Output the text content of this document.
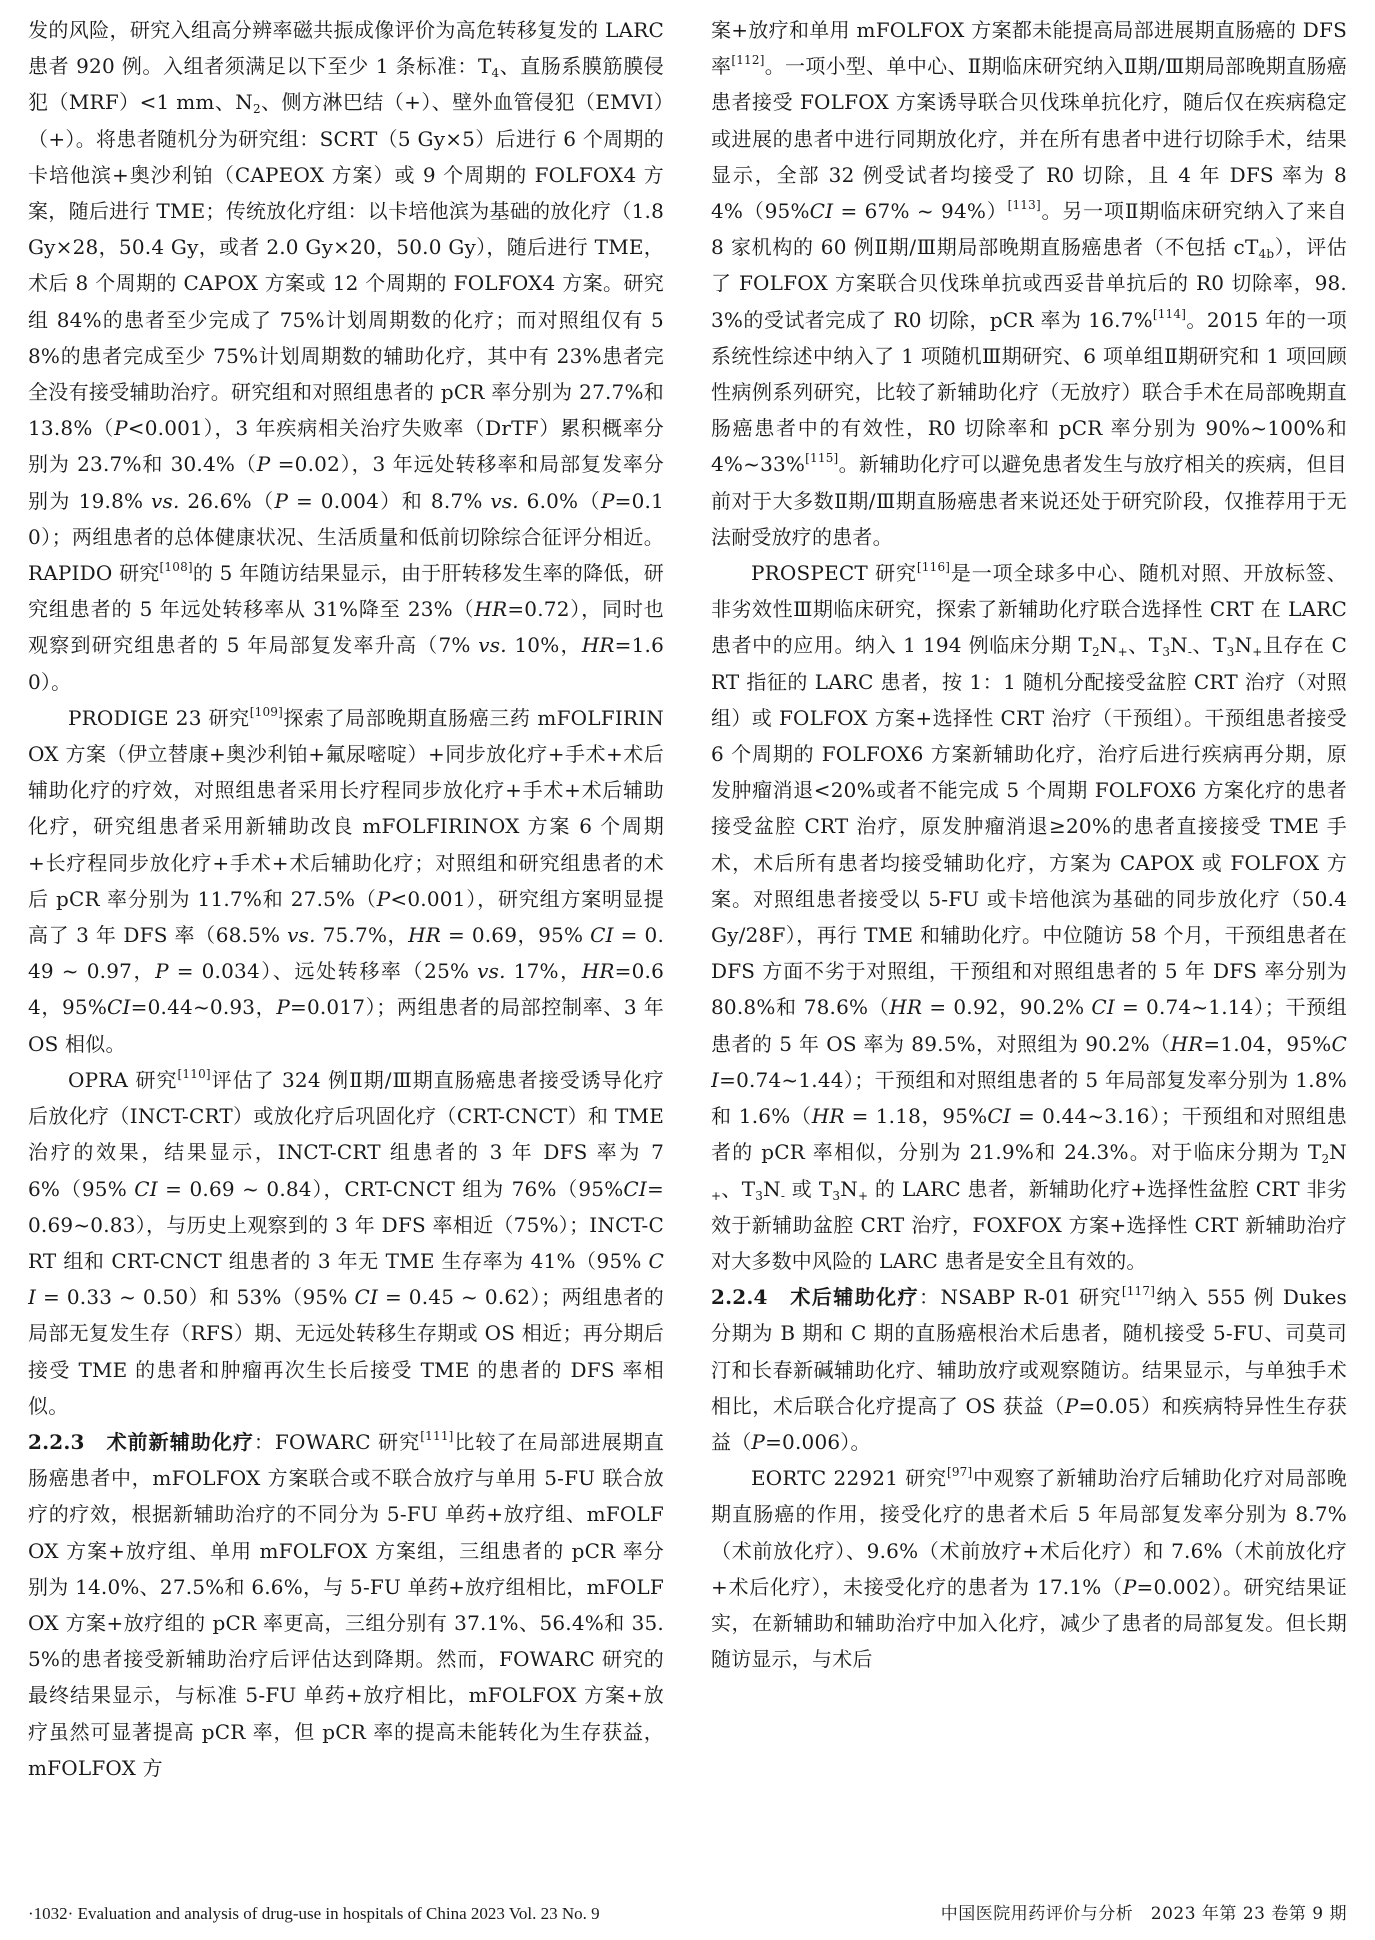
发的风险，研究入组高分辨率磁共振成像评价为高危转移复发的 LARC 患者 920 例。入组者须满足以下至少 1 条标准：$T_4$、直肠系膜筋膜侵犯（MRF）<1 mm、$N_2$、侧方淋巴结（+）、壁外血管侵犯（EMVI）（+）。将患者随机分为研究组：SCRT（5 Gy×5）后进行 6 个周期的卡培他滨+奥沙利铂（CAPEOX 方案）或 9 个周期的 FOLFOX4 方案，随后进行 TME；传统放化疗组：以卡培他滨为基础的放化疗（1.8 Gy×28，50.4 Gy，或者 2.0 Gy×20，50.0 Gy），随后进行 TME，术后 8 个周期的 CAPOX 方案或 12 个周期的 FOLFOX4 方案。研究组 84%的患者至少完成了 75%计划周期数的化疗；而对照组仅有 58%的患者完成至少 75%计划周期数的辅助化疗，其中有 23%患者完全没有接受辅助治疗。研究组和对照组患者的 pCR 率分别为 27.7%和 13.8%（P<0.001），3 年疾病相关治疗失败率（DrTF）累积概率分别为 23.7%和 30.4%（P =0.02），3 年远处转移率和局部复发率分别为 19.8% vs. 26.6%（P = 0.004）和 8.7% vs. 6.0%（P=0.10）；两组患者的总体健康状况、生活质量和低前切除综合征评分相近。RAPIDO 研究[108]的 5 年随访结果显示，由于肝转移发生率的降低，研究组患者的 5 年远处转移率从 31%降至 23%（HR=0.72），同时也观察到研究组患者的 5 年局部复发率升高（7% vs. 10%，HR=1.60）。

PRODIGE 23 研究[109]探索了局部晚期直肠癌三药 mFOLFIRINOX 方案（伊立替康+奥沙利铂+氟尿嘧啶）+同步放化疗+手术+术后辅助化疗的疗效，对照组患者采用长疗程同步放化疗+手术+术后辅助化疗，研究组患者采用新辅助改良 mFOLFIRINOX 方案 6 个周期+长疗程同步放化疗+手术+术后辅助化疗；对照组和研究组患者的术后 pCR 率分别为 11.7%和 27.5%（P<0.001），研究组方案明显提高了 3 年 DFS 率（68.5% vs. 75.7%，HR = 0.69，95% CI = 0.49 ~ 0.97，P = 0.034）、远处转移率（25% vs. 17%，HR=0.64，95%CI=0.44~0.93，P=0.017）；两组患者的局部控制率、3 年 OS 相似。

OPRA 研究[110]评估了 324 例Ⅱ期/Ⅲ期直肠癌患者接受诱导化疗后放化疗（INCT-CRT）或放化疗后巩固化疗（CRT-CNCT）和 TME 治疗的效果，结果显示，INCT-CRT 组患者的 3 年 DFS 率为 76%（95% CI = 0.69 ~ 0.84），CRT-CNCT 组为 76%（95%CI=0.69~0.83），与历史上观察到的 3 年 DFS 率相近（75%）；INCT-CRT 组和 CRT-CNCT 组患者的 3 年无 TME 生存率为 41%（95% CI = 0.33 ~ 0.50）和 53%（95% CI = 0.45 ~ 0.62）；两组患者的局部无复发生存（RFS）期、无远处转移生存期或 OS 相近；再分期后接受 TME 的患者和肿瘤再次生长后接受 TME 的患者的 DFS 率相似。

2.2.3　术前新辅助化疗：FOWARC 研究[111]比较了在局部进展期直肠癌患者中，mFOLFOX 方案联合或不联合放疗与单用 5-FU 联合放疗的疗效，根据新辅助治疗的不同分为 5-FU 单药+放疗组、mFOLFOX 方案+放疗组、单用 mFOLFOX 方案组，三组患者的 pCR 率分别为 14.0%、27.5%和 6.6%，与 5-FU 单药+放疗组相比，mFOLFOX 方案+放疗组的 pCR 率更高，三组分别有 37.1%、56.4%和 35.5%的患者接受新辅助治疗后评估达到降期。然而，FOWARC 研究的最终结果显示，与标准 5-FU 单药+放疗相比，mFOLFOX 方案+放疗虽然可显著提高 pCR 率，但 pCR 率的提高未能转化为生存获益，mFOLFOX 方

案+放疗和单用 mFOLFOX 方案都未能提高局部进展期直肠癌的 DFS 率[112]。一项小型、单中心、Ⅱ期临床研究纳入Ⅱ期/Ⅲ期局部晚期直肠癌患者接受 FOLFOX 方案诱导联合贝伐珠单抗化疗，随后仅在疾病稳定或进展的患者中进行同期放化疗，并在所有患者中进行切除手术，结果显示，全部 32 例受试者均接受了 R0 切除，且 4 年 DFS 率为 84%（95%CI = 67% ~ 94%）[113]。另一项Ⅱ期临床研究纳入了来自 8 家机构的 60 例Ⅱ期/Ⅲ期局部晚期直肠癌患者（不包括 $cT_{4b}$），评估了 FOLFOX 方案联合贝伐珠单抗或西妥昔单抗后的 R0 切除率，98.3%的受试者完成了 R0 切除，pCR 率为 16.7%[114]。2015 年的一项系统性综述中纳入了 1 项随机Ⅲ期研究、6 项单组Ⅱ期研究和 1 项回顾性病例系列研究，比较了新辅助化疗（无放疗）联合手术在局部晚期直肠癌患者中的有效性，R0 切除率和 pCR 率分别为 90%~100%和 4%~33%[115]。新辅助化疗可以避免患者发生与放疗相关的疾病，但目前对于大多数Ⅱ期/Ⅲ期直肠癌患者来说还处于研究阶段，仅推荐用于无法耐受放疗的患者。

PROSPECT 研究[116]是一项全球多中心、随机对照、开放标签、非劣效性Ⅲ期临床研究，探索了新辅助化疗联合选择性 CRT 在 LARC 患者中的应用。纳入 1 194 例临床分期 $T_2N_+$、$T_3N_-$、$T_3N_+$且存在 CRT 指征的 LARC 患者，按 1：1 随机分配接受盆腔 CRT 治疗（对照组）或 FOLFOX 方案+选择性 CRT 治疗（干预组）。干预组患者接受 6 个周期的 FOLFOX6 方案新辅助化疗，治疗后进行疾病再分期，原发肿瘤消退<20%或者不能完成 5 个周期 FOLFOX6 方案化疗的患者接受盆腔 CRT 治疗，原发肿瘤消退≥20%的患者直接接受 TME 手术，术后所有患者均接受辅助化疗，方案为 CAPOX 或 FOLFOX 方案。对照组患者接受以 5-FU 或卡培他滨为基础的同步放化疗（50.4 Gy/28F），再行 TME 和辅助化疗。中位随访 58 个月，干预组患者在 DFS 方面不劣于对照组，干预组和对照组患者的 5 年 DFS 率分别为 80.8%和 78.6%（HR = 0.92，90.2% CI = 0.74~1.14）；干预组患者的 5 年 OS 率为 89.5%，对照组为 90.2%（HR=1.04，95%CI=0.74~1.44）；干预组和对照组患者的 5 年局部复发率分别为 1.8%和 1.6%（HR = 1.18，95%CI = 0.44~3.16）；干预组和对照组患者的 pCR 率相似，分别为 21.9%和 24.3%。对于临床分期为 $T_2N_+$、$T_3N_-$ 或 $T_3N_+$ 的 LARC 患者，新辅助化疗+选择性盆腔 CRT 非劣效于新辅助盆腔 CRT 治疗，FOXFOX 方案+选择性 CRT 新辅助治疗对大多数中风险的 LARC 患者是安全且有效的。

2.2.4　术后辅助化疗：NSABP R-01 研究[117]纳入 555 例 Dukes 分期为 B 期和 C 期的直肠癌根治术后患者，随机接受 5-FU、司莫司汀和长春新碱辅助化疗、辅助放疗或观察随访。结果显示，与单独手术相比，术后联合化疗提高了 OS 获益（P=0.05）和疾病特异性生存获益（P=0.006）。

EORTC 22921 研究[97]中观察了新辅助治疗后辅助化疗对局部晚期直肠癌的作用，接受化疗的患者术后 5 年局部复发率分别为 8.7%（术前放化疗）、9.6%（术前放疗+术后化疗）和 7.6%（术前放化疗+术后化疗），未接受化疗的患者为 17.1%（P=0.002）。研究结果证实，在新辅助和辅助治疗中加入化疗，减少了患者的局部复发。但长期随访显示，与术后

·1032· Evaluation and analysis of drug-use in hospitals of China 2023 Vol. 23 No. 9	中国医院用药评价与分析　2023 年第 23 卷第 9 期
